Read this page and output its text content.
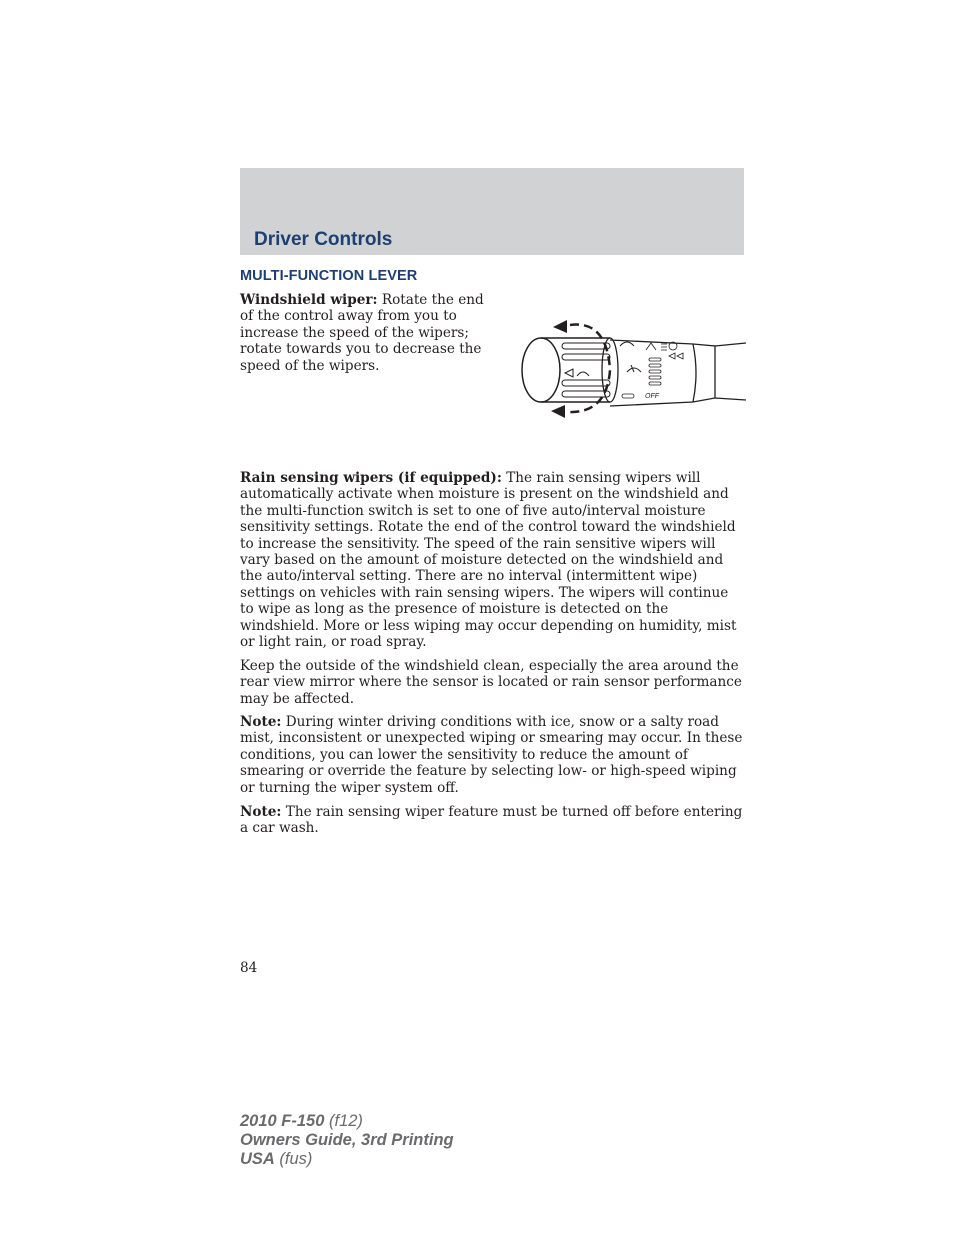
Driver Controls
MULTI-FUNCTION LEVER

Windshield wiper: Rotate the end of the control away from you to increase the speed of the wipers; rotate towards you to decrease the speed of the wipers.

OFF

Rain sensing wipers (if equipped): The rain sensing wipers will automatically activate when moisture is present on the windshield and the multi-function switch is set to one of five auto/interval moisture sensitivity settings. Rotate the end of the control toward the windshield to increase the sensitivity. The speed of the rain sensitive wipers will vary based on the amount of moisture detected on the windshield and the auto/interval setting. There are no interval (intermittent wipe) settings on vehicles with rain sensing wipers. The wipers will continue to wipe as long as the presence of moisture is detected on the windshield. More or less wiping may occur depending on humidity, mist or light rain, or road spray.

Keep the outside of the windshield clean, especially the area around the rear view mirror where the sensor is located or rain sensor performance may be affected.

Note: During winter driving conditions with ice, snow or a salty road mist, inconsistent or unexpected wiping or smearing may occur. In these conditions, you can lower the sensitivity to reduce the amount of smearing or override the feature by selecting low- or high-speed wiping or turning the wiper system off.

Note: The rain sensing wiper feature must be turned off before entering a car wash.

84

2010 F-150 (f12)
Owners Guide, 3rd Printing
USA (fus)
